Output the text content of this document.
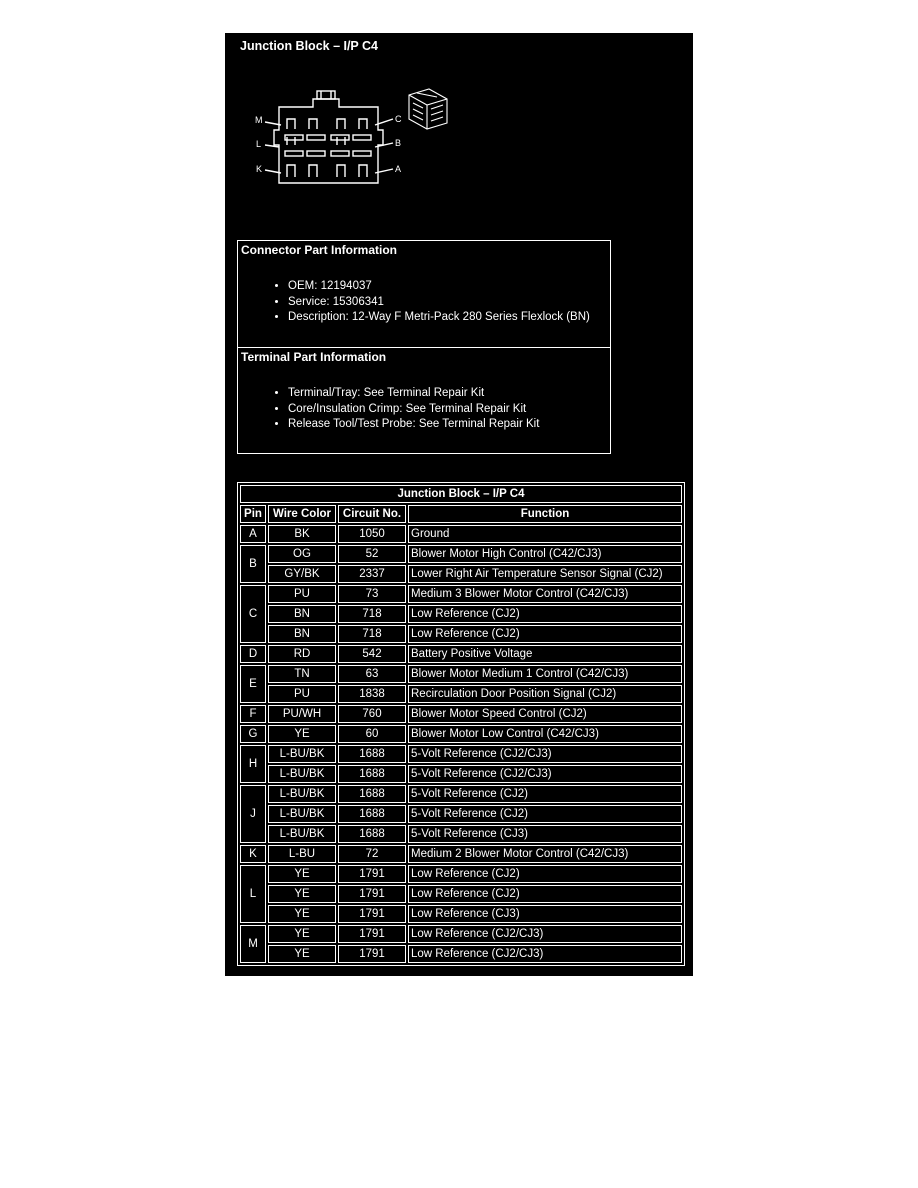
Junction Block – I/P C4
M
L
K
C
B
A
Connector Part Information
• OEM: 12194037
• Service: 15306341
• Description: 12-Way F Metri-Pack 280 Series Flexlock (BN)
Terminal Part Information
• Terminal/Tray: See Terminal Repair Kit
• Core/Insulation Crimp: See Terminal Repair Kit
• Release Tool/Test Probe: See Terminal Repair Kit
Junction Block – I/P C4			
Pin	Wire Color	Circuit No.	Function
A	BK	1050	Ground
B	OG	52	Blower Motor High Control (C42/CJ3)
	GY/BK	2337	Lower Right Air Temperature Sensor Signal (CJ2)
C	PU	73	Medium 3 Blower Motor Control (C42/CJ3)
	BN	718	Low Reference (CJ2)
	BN	718	Low Reference (CJ2)
D	RD	542	Battery Positive Voltage
E	TN	63	Blower Motor Medium 1 Control (C42/CJ3)
	PU	1838	Recirculation Door Position Signal (CJ2)
F	PU/WH	760	Blower Motor Speed Control (CJ2)
G	YE	60	Blower Motor Low Control (C42/CJ3)
H	L-BU/BK	1688	5-Volt Reference (CJ2/CJ3)
	L-BU/BK	1688	5-Volt Reference (CJ2/CJ3)
J	L-BU/BK	1688	5-Volt Reference (CJ2)
	L-BU/BK	1688	5-Volt Reference (CJ2)
	L-BU/BK	1688	5-Volt Reference (CJ3)
K	L-BU	72	Medium 2 Blower Motor Control (C42/CJ3)
L	YE	1791	Low Reference (CJ2)
	YE	1791	Low Reference (CJ2)
	YE	1791	Low Reference (CJ3)
M	YE	1791	Low Reference (CJ2/CJ3)
	YE	1791	Low Reference (CJ2/CJ3)
